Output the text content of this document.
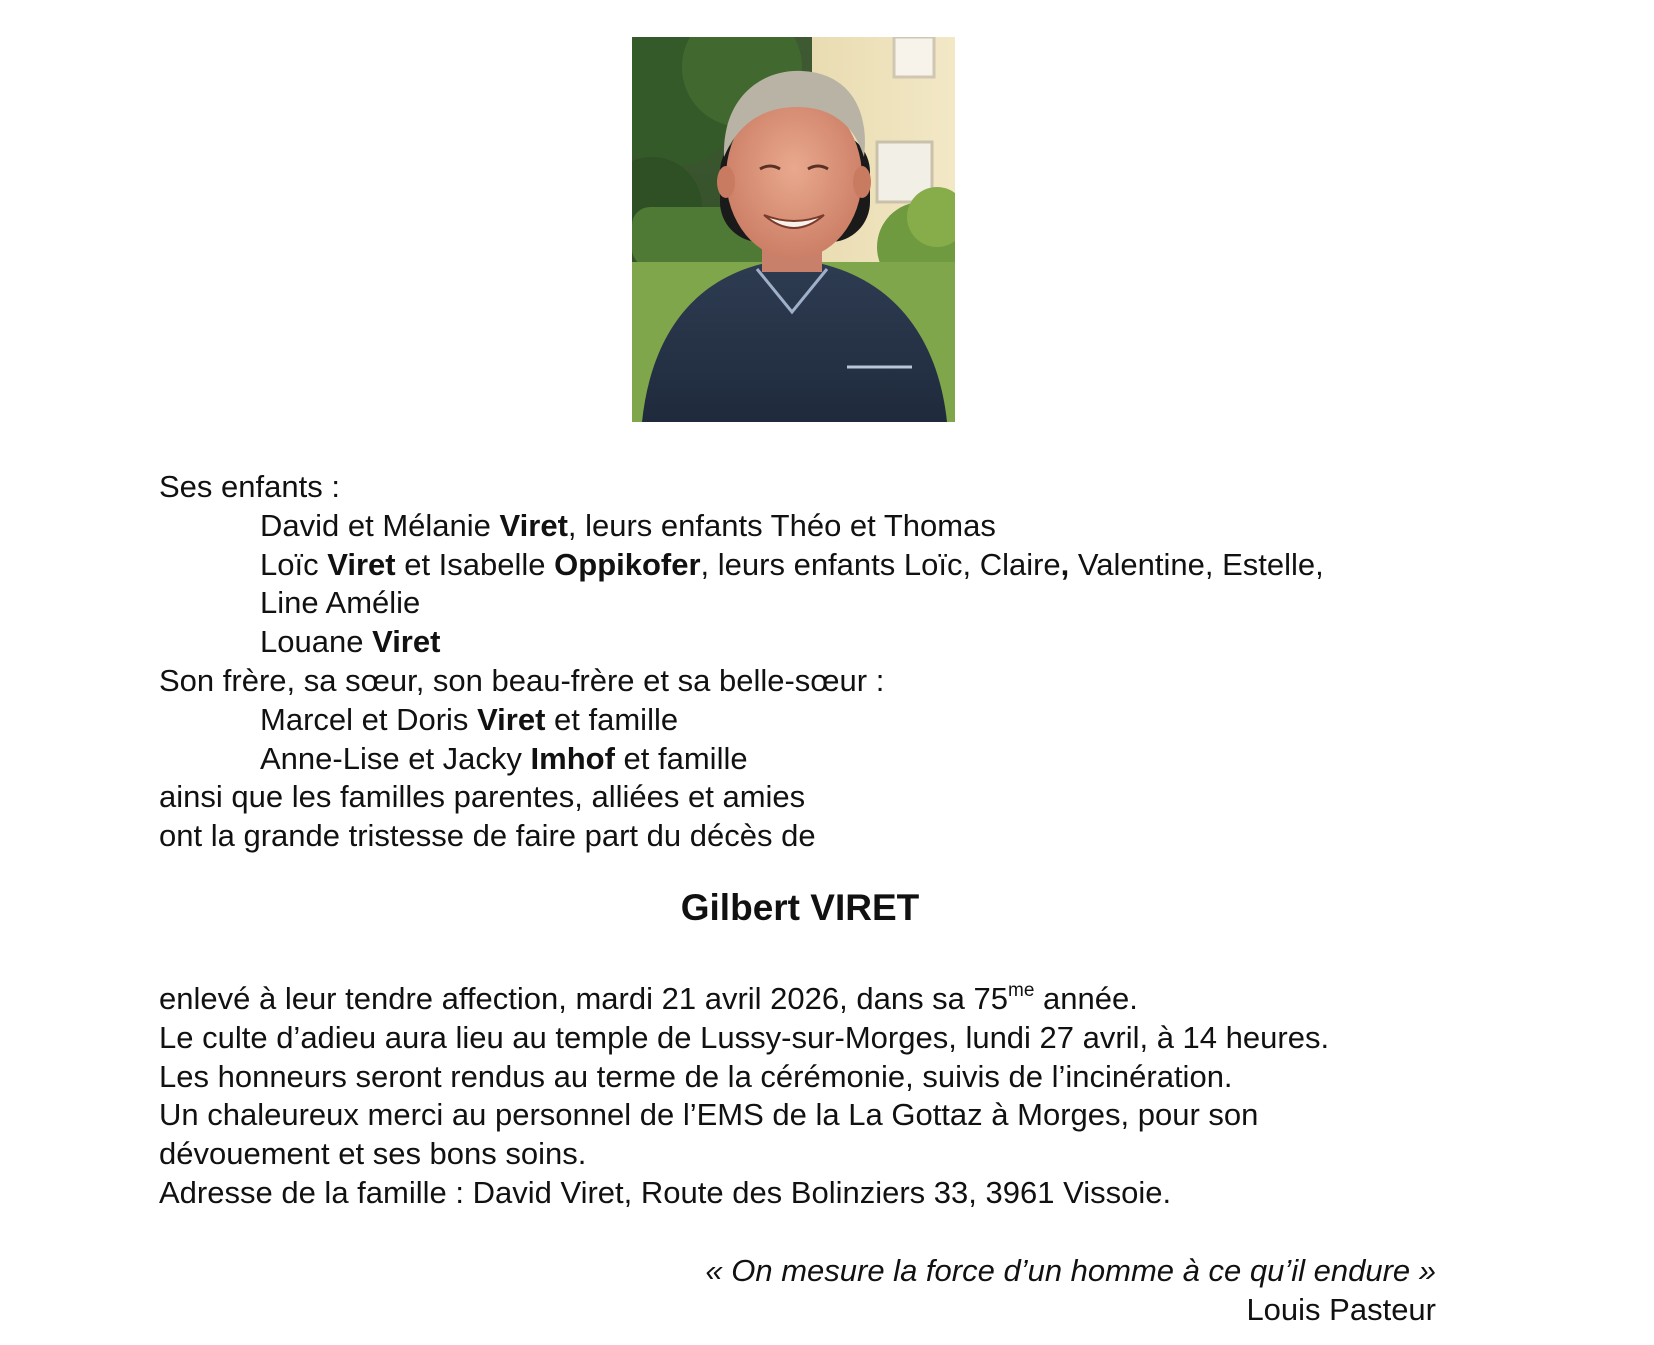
Ses enfants :
David et Mélanie Viret, leurs enfants Théo et Thomas
Loïc Viret et Isabelle Oppikofer, leurs enfants Loïc, Claire, Valentine, Estelle,
Line Amélie
Louane Viret
Son frère, sa sœur, son beau-frère et sa belle-sœur :
Marcel et Doris Viret et famille
Anne-Lise et Jacky Imhof et famille
ainsi que les familles parentes, alliées et amies
ont la grande tristesse de faire part du décès de
Gilbert VIRET
enlevé à leur tendre affection, mardi 21 avril 2026, dans sa $75^{me}$ année.
Le culte d’adieu aura lieu au temple de Lussy-sur-Morges, lundi 27 avril, à 14 heures.
Les honneurs seront rendus au terme de la cérémonie, suivis de l’incinération.
Un chaleureux merci au personnel de l’EMS de la La Gottaz à Morges, pour son
dévouement et ses bons soins.
Adresse de la famille : David Viret, Route des Bolinziers 33, 3961 Vissoie.
« On mesure la force d’un homme à ce qu’il endure »
Louis Pasteur
